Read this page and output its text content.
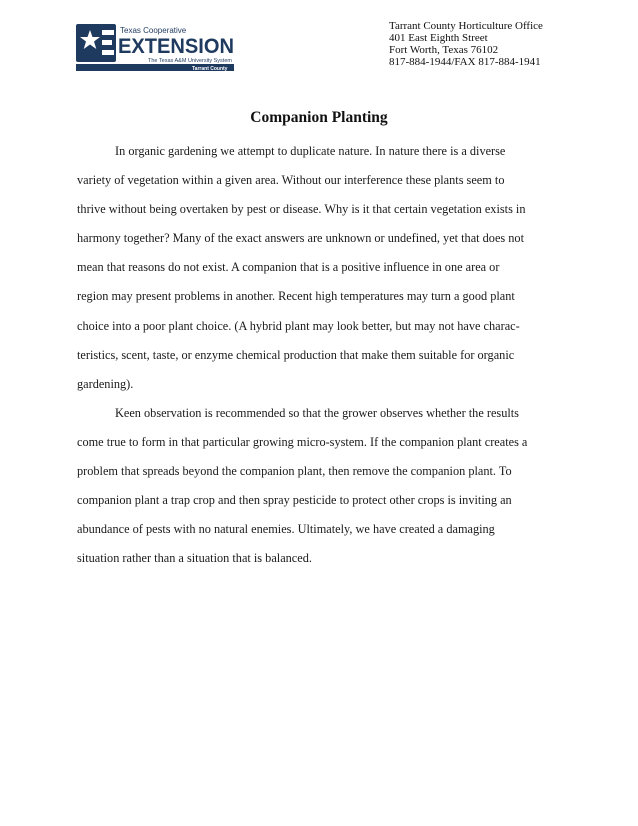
Texas Cooperative
EXTENSION
The Texas A&M University System
Tarrant County
Tarrant County Horticulture Office
401 East Eighth Street
Fort Worth, Texas 76102
817-884-1944/FAX 817-884-1941
Companion Planting
In organic gardening we attempt to duplicate nature. In nature there is a diverse
variety of vegetation within a given area. Without our interference these plants seem to
thrive without being overtaken by pest or disease. Why is it that certain vegetation exists in
harmony together? Many of the exact answers are unknown or undefined, yet that does not
mean that reasons do not exist. A companion that is a positive influence in one area or
region may present problems in another. Recent high temperatures may turn a good plant
choice into a poor plant choice. (A hybrid plant may look better, but may not have charac-
teristics, scent, taste, or enzyme chemical production that make them suitable for organic
gardening).
Keen observation is recommended so that the grower observes whether the results
come true to form in that particular growing micro-system. If the companion plant creates a
problem that spreads beyond the companion plant, then remove the companion plant. To
companion plant a trap crop and then spray pesticide to protect other crops is inviting an
abundance of pests with no natural enemies. Ultimately, we have created a damaging
situation rather than a situation that is balanced.
